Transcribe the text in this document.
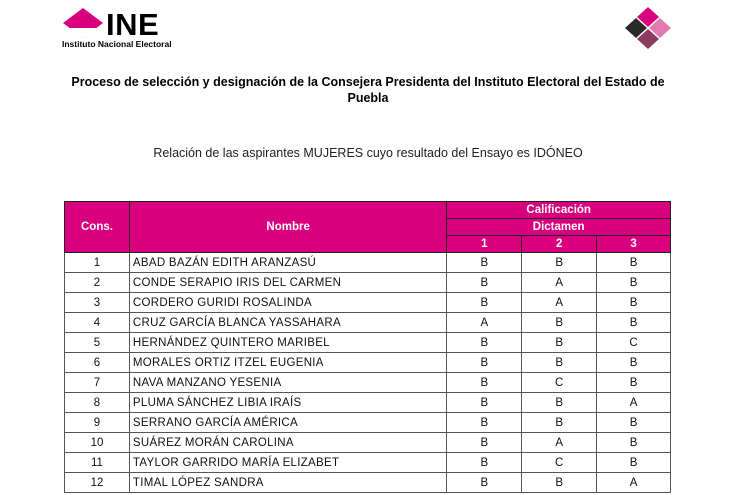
INE
Instituto Nacional Electoral
Proceso de selección y designación de la Consejera Presidenta del Instituto Electoral del Estado de Puebla
Relación de las aspirantes MUJERES cuyo resultado del Ensayo es IDÓNEO
Cons.	Nombre	Calificación		
		Dictamen		
		1	2	3
1	ABAD BAZÁN EDITH ARANZASÚ	B	B	B
2	CONDE SERAPIO IRIS DEL CARMEN	B	A	B
3	CORDERO GURIDI ROSALINDA	B	A	B
4	CRUZ GARCÍA BLANCA YASSAHARA	A	B	B
5	HERNÁNDEZ QUINTERO MARIBEL	B	B	C
6	MORALES ORTIZ ITZEL EUGENIA	B	B	B
7	NAVA MANZANO YESENIA	B	C	B
8	PLUMA SÁNCHEZ LIBIA IRAÍS	B	B	A
9	SERRANO GARCÍA AMÉRICA	B	B	B
10	SUÁREZ MORÁN CAROLINA	B	A	B
11	TAYLOR GARRIDO MARÍA ELIZABET	B	C	B
12	TIMAL LÓPEZ SANDRA	B	B	A
